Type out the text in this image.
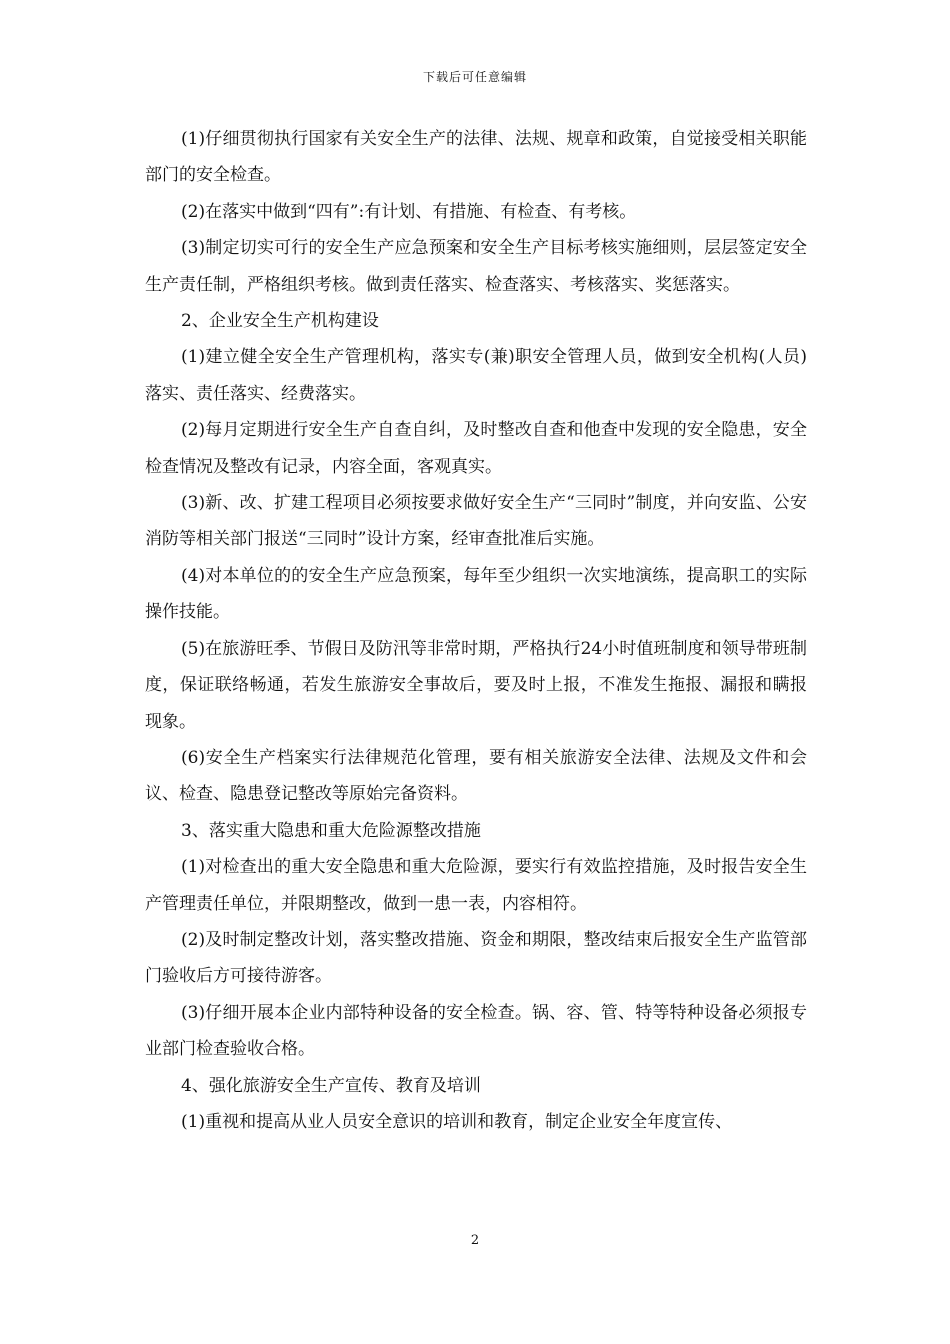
下载后可任意编辑

(1)仔细贯彻执行国家有关安全生产的法律、法规、规章和政策，自觉接受相关职能部门的安全检查。

(2)在落实中做到“四有”:有计划、有措施、有检查、有考核。

(3)制定切实可行的安全生产应急预案和安全生产目标考核实施细则，层层签定安全生产责任制，严格组织考核。做到责任落实、检查落实、考核落实、奖惩落实。

2、企业安全生产机构建设

(1)建立健全安全生产管理机构，落实专(兼)职安全管理人员，做到安全机构(人员)落实、责任落实、经费落实。

(2)每月定期进行安全生产自查自纠，及时整改自查和他查中发现的安全隐患，安全检查情况及整改有记录，内容全面，客观真实。

(3)新、改、扩建工程项目必须按要求做好安全生产“三同时”制度，并向安监、公安消防等相关部门报送“三同时”设计方案，经审查批准后实施。

(4)对本单位的的安全生产应急预案，每年至少组织一次实地演练，提高职工的实际操作技能。

(5)在旅游旺季、节假日及防汛等非常时期，严格执行24小时值班制度和领导带班制度，保证联络畅通，若发生旅游安全事故后，要及时上报，不准发生拖报、漏报和瞒报现象。

(6)安全生产档案实行法律规范化管理，要有相关旅游安全法律、法规及文件和会议、检查、隐患登记整改等原始完备资料。

3、落实重大隐患和重大危险源整改措施

(1)对检查出的重大安全隐患和重大危险源，要实行有效监控措施，及时报告安全生产管理责任单位，并限期整改，做到一患一表，内容相符。

(2)及时制定整改计划，落实整改措施、资金和期限，整改结束后报安全生产监管部门验收后方可接待游客。

(3)仔细开展本企业内部特种设备的安全检查。锅、容、管、特等特种设备必须报专业部门检查验收合格。

4、强化旅游安全生产宣传、教育及培训

(1)重视和提高从业人员安全意识的培训和教育，制定企业安全年度宣传、

2
